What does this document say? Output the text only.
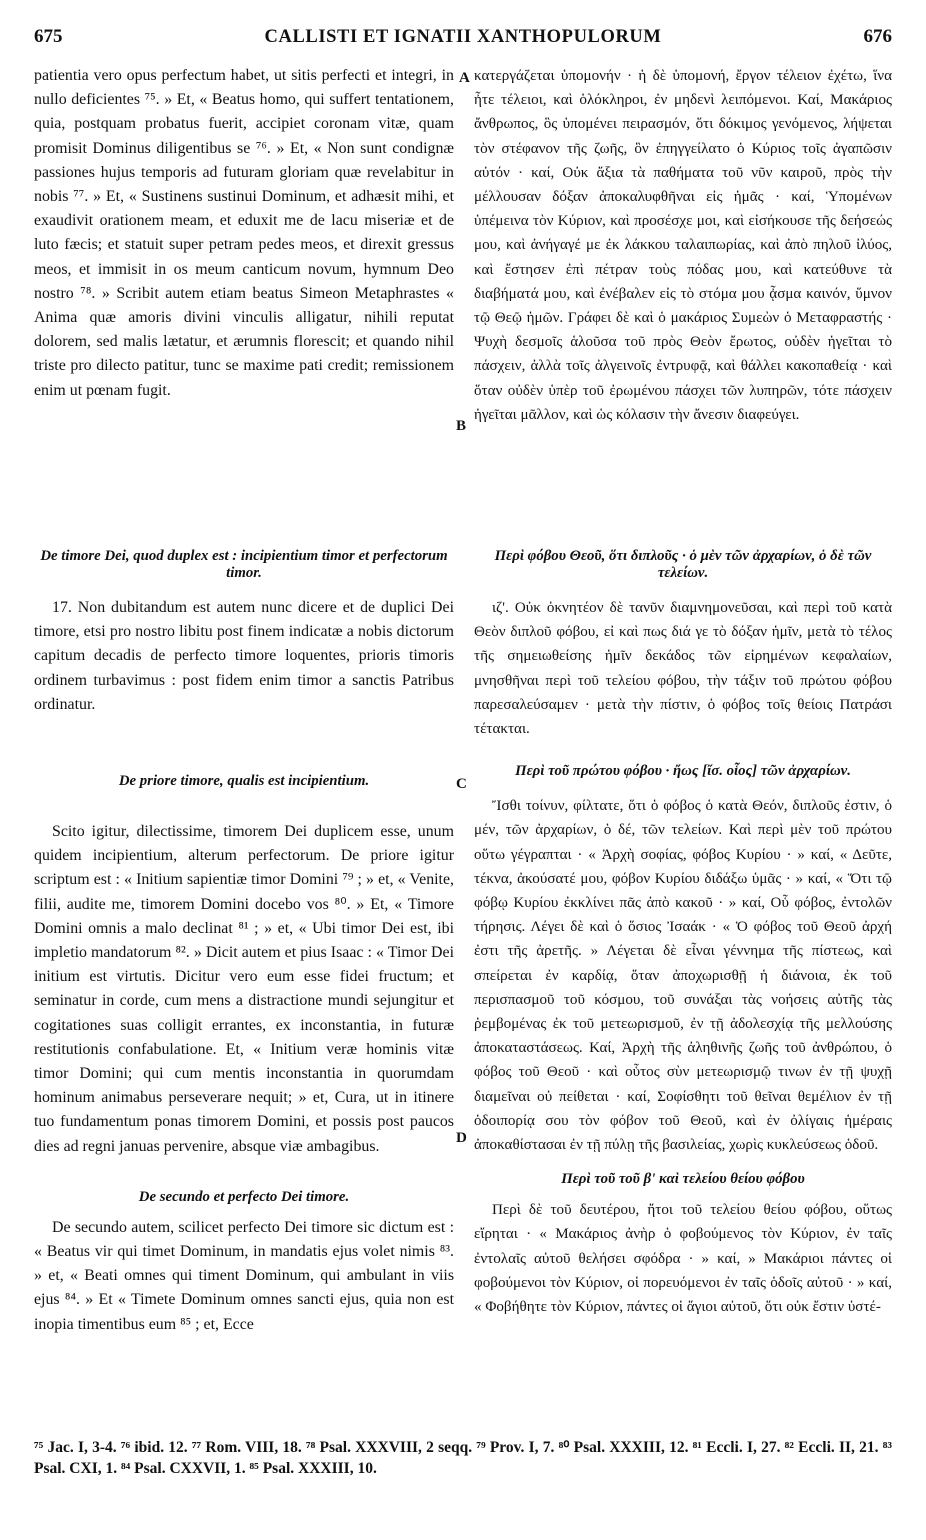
675	CALLISTI ET IGNATII XANTHOPULORUM	676

patientia vero opus perfectum habet, ut sitis perfecti et integri, in nullo deficientes ⁷⁵. » Et, « Beatus homo, qui suffert tentationem, quia, postquam probatus fuerit, accipiet coronam vitæ, quam promisit Dominus diligentibus se ⁷⁶. » Et, « Non sunt condignæ passiones hujus temporis ad futuram gloriam quæ revelabitur in nobis ⁷⁷. » Et, « Sustinens sustinui Dominum, et adhæsit mihi, et exaudivit orationem meam, et eduxit me de lacu miseriæ et de luto fæcis; et statuit super petram pedes meos, et direxit gressus meos, et immisit in os meum canticum novum, hymnum Deo nostro ⁷⁸. » Scribit autem etiam beatus Simeon Metaphrastes « Anima quæ amoris divini vinculis alligatur, nihili reputat dolorem, sed malis lætatur, et ærumnis florescit; et quando nihil triste pro dilecto patitur, tunc se maxime pati credit; remissionem enim ut pœnam fugit.

De timore Dei, quod duplex est : incipientium timor et perfectorum timor.

17. Non dubitandum est autem nunc dicere et de duplici Dei timore, etsi pro nostro libitu post finem indicatæ a nobis dictorum capitum decadis de perfecto timore loquentes, prioris timoris ordinem turbavimus : post fidem enim timor a sanctis Patribus ordinatur.

De priore timore, qualis est incipientium.

Scito igitur, dilectissime, timorem Dei duplicem esse, unum quidem incipientium, alterum perfectorum. De priore igitur scriptum est : « Initium sapientiæ timor Domini ⁷⁹ ; » et, « Venite, filii, audite me, timorem Domini docebo vos ⁸⁰. » Et, « Timore Domini omnis a malo declinat ⁸¹ ; » et, « Ubi timor Dei est, ibi impletio mandatorum ⁸². » Dicit autem et pius Isaac : « Timor Dei initium est virtutis. Dicitur vero eum esse fidei fructum; et seminatur in corde, cum mens a distractione mundi sejungitur et cogitationes suas colligit errantes, ex inconstantia, in futuræ restitutionis confabulatione. Et, « Initium veræ hominis vitæ timor Domini; qui cum mentis inconstantia in quorumdam hominum animabus perseverare nequit; » et, Cura, ut in itinere tuo fundamentum ponas timorem Domini, et possis post paucos dies ad regni januas pervenire, absque viæ ambagibus.

De secundo et perfecto Dei timore.

De secundo autem, scilicet perfecto Dei timore sic dictum est : « Beatus vir qui timet Dominum, in mandatis ejus volet nimis ⁸³. » et, « Beati omnes qui timent Dominum, qui ambulant in viis ejus ⁸⁴. » Et « Timete Dominum omnes sancti ejus, quia non est inopia timentibus eum ⁸⁵ ; et, Ecce

A
B
C
D

κατεργάζεται ὑπομονήν · ἡ δὲ ὑπομονή, ἔργον τέλειον ἐχέτω, ἵνα ἦτε τέλειοι, καὶ ὁλόκληροι, ἐν μηδενὶ λειπόμενοι. Καί, Μακάριος ἄνθρωπος, ὃς ὑπομένει πειρασμόν, ὅτι δόκιμος γενόμενος, λήψεται τὸν στέφανον τῆς ζωῆς, ὃν ἐπηγγείλατο ὁ Κύριος τοῖς ἀγαπῶσιν αὐτόν · καί, Οὐκ ἄξια τὰ παθήματα τοῦ νῦν καιροῦ, πρὸς τὴν μέλλουσαν δόξαν ἀποκαλυφθῆναι εἰς ἡμᾶς · καί, Ὑπομένων ὑπέμεινα τὸν Κύριον, καὶ προσέσχε μοι, καὶ εἰσήκουσε τῆς δεήσεώς μου, καὶ ἀνήγαγέ με ἐκ λάκκου ταλαιπωρίας, καὶ ἀπὸ πηλοῦ ἰλύος, καὶ ἔστησεν ἐπὶ πέτραν τοὺς πόδας μου, καὶ κατεύθυνε τὰ διαβήματά μου, καὶ ἐνέβαλεν εἰς τὸ στόμα μου ᾆσμα καινόν, ὕμνον τῷ Θεῷ ἡμῶν. Γράφει δὲ καὶ ὁ μακάριος Συμεὼν ὁ Μεταφραστής · Ψυχὴ δεσμοῖς ἁλοῦσα τοῦ πρὸς Θεὸν ἔρωτος, οὐδὲν ἡγεῖται τὸ πάσχειν, ἀλλὰ τοῖς ἀλγεινοῖς ἐντρυφᾷ, καὶ θάλλει κακοπαθείᾳ · καὶ ὅταν οὐδὲν ὑπὲρ τοῦ ἐρωμένου πάσχει τῶν λυπηρῶν, τότε πάσχειν ἡγεῖται μᾶλλον, καὶ ὡς κόλασιν τὴν ἄνεσιν διαφεύγει.

Περὶ φόβου Θεοῦ, ὅτι διπλοῦς · ὁ μὲν τῶν ἀρχαρίων, ὁ δὲ τῶν τελείων.

ιζ'. Οὐκ ὀκνητέον δὲ τανῦν διαμνημονεῦσαι, καὶ περὶ τοῦ κατὰ Θεὸν διπλοῦ φόβου, εἰ καὶ πως διά γε τὸ δόξαν ἡμῖν, μετὰ τὸ τέλος τῆς σημειωθείσης ἡμῖν δεκάδος τῶν εἰρημένων κεφαλαίων, μνησθῆναι περὶ τοῦ τελείου φόβου, τὴν τάξιν τοῦ πρώτου φόβου παρεσαλεύσαμεν · μετὰ τὴν πίστιν, ὁ φόβος τοῖς θείοις Πατράσι τέτακται.

Περὶ τοῦ πρώτου φόβου · ἤως [ἴσ. οἷος] τῶν ἀρχαρίων.

Ἴσθι τοίνυν, φίλτατε, ὅτι ὁ φόβος ὁ κατὰ Θεόν, διπλοῦς ἐστιν, ὁ μέν, τῶν ἀρχαρίων, ὁ δέ, τῶν τελείων. Καὶ περὶ μὲν τοῦ πρώτου οὕτω γέγραπται · « Ἀρχὴ σοφίας, φόβος Κυρίου · » καί, « Δεῦτε, τέκνα, ἀκούσατέ μου, φόβον Κυρίου διδάξω ὑμᾶς · » καί, « Ὅτι τῷ φόβῳ Κυρίου ἐκκλίνει πᾶς ἀπὸ κακοῦ · » καί, Οὗ φόβος, ἐντολῶν τήρησις. Λέγει δὲ καὶ ὁ ὅσιος Ἰσαάκ · « Ὁ φόβος τοῦ Θεοῦ ἀρχή ἐστι τῆς ἀρετῆς. » Λέγεται δὲ εἶναι γέννημα τῆς πίστεως, καὶ σπείρεται ἐν καρδίᾳ, ὅταν ἀποχωρισθῇ ἡ διάνοια, ἐκ τοῦ περισπασμοῦ τοῦ κόσμου, τοῦ συνάξαι τὰς νοήσεις αὐτῆς τὰς ῥεμβομένας ἐκ τοῦ μετεωρισμοῦ, ἐν τῇ ἀδολεσχίᾳ τῆς μελλούσης ἀποκαταστάσεως. Καί, Ἀρχὴ τῆς ἀληθινῆς ζωῆς τοῦ ἀνθρώπου, ὁ φόβος τοῦ Θεοῦ · καὶ οὗτος σὺν μετεωρισμῷ τινων ἐν τῇ ψυχῇ διαμεῖναι οὐ πείθεται · καί, Σοφίσθητι τοῦ θεῖναι θεμέλιον ἐν τῇ ὁδοιπορίᾳ σου τὸν φόβον τοῦ Θεοῦ, καὶ ἐν ὀλίγαις ἡμέραις ἀποκαθίστασαι ἐν τῇ πύλῃ τῆς βασιλείας, χωρὶς κυκλεύσεως ὁδοῦ.

Περὶ τοῦ τοῦ β' καὶ τελείου θείου φόβου

Περὶ δὲ τοῦ δευτέρου, ἤτοι τοῦ τελείου θείου φόβου, οὕτως εἴρηται · « Μακάριος ἀνὴρ ὁ φοβούμενος τὸν Κύριον, ἐν ταῖς ἐντολαῖς αὐτοῦ θελήσει σφόδρα · » καί, » Μακάριοι πάντες οἱ φοβούμενοι τὸν Κύριον, οἱ πορευόμενοι ἐν ταῖς ὁδοῖς αὐτοῦ · » καί, « Φοβήθητε τὸν Κύριον, πάντες οἱ ἅγιοι αὐτοῦ, ὅτι οὐκ ἔστιν ὑστέ-

⁷⁵ Jac. I, 3-4. ⁷⁶ ibid. 12. ⁷⁷ Rom. VIII, 18. ⁷⁸ Psal. XXXVIII, 2 seqq. ⁷⁹ Prov. I, 7. ⁸⁰ Psal. XXXIII, 12. ⁸¹ Eccli. I, 27. ⁸² Eccli. II, 21. ⁸³ Psal. CXI, 1. ⁸⁴ Psal. CXXVII, 1. ⁸⁵ Psal. XXXIII, 10.
